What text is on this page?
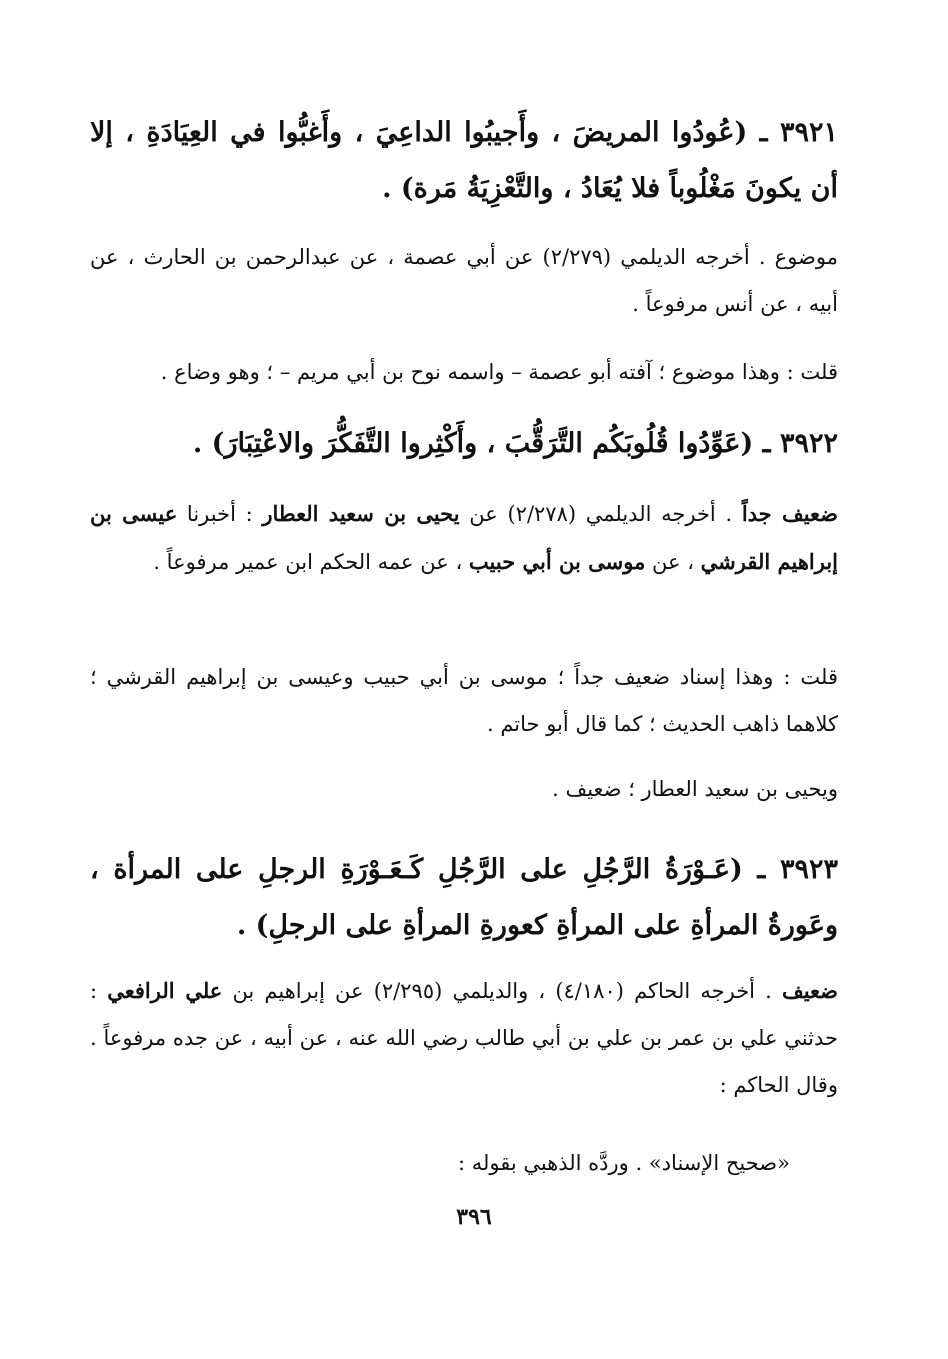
٣٩٢١ ـ (عُودُوا المريضَ ، وأَجيبُوا الداعِيَ ، وأَغبُّوا في العِيَادَةِ ، إلا أن يكونَ مَغْلُوباً فلا يُعَادُ ، والتَّعْزِيَةُ مَرة) .

موضوع . أخرجه الديلمي (٢/٢٧٩) عن أبي عصمة ، عن عبدالرحمن بن الحارث ، عن أبيه ، عن أنس مرفوعاً .

قلت : وهذا موضوع ؛ آفته أبو عصمة – واسمه نوح بن أبي مريم – ؛ وهو وضاع .

٣٩٢٢ ـ (عَوِّدُوا قُلُوبَكُم التَّرَقُّبَ ، وأَكْثِروا التَّفَكُّرَ والاعْتِبَارَ) .

ضعيف جداً . أخرجه الديلمي (٢/٢٧٨) عن يحيى بن سعيد العطار : أخبرنا عيسى بن إبراهيم القرشي ، عن موسى بن أبي حبيب ، عن عمه الحكم ابن عمير مرفوعاً .

قلت : وهذا إسناد ضعيف جداً ؛ موسى بن أبي حبيب وعيسى بن إبراهيم القرشي ؛ كلاهما ذاهب الحديث ؛ كما قال أبو حاتم .

ويحيى بن سعيد العطار ؛ ضعيف .

٣٩٢٣ ـ (عَـوْرَةُ الرَّجُلِ على الرَّجُلِ كَـعَـوْرَةِ الرجلِ على المرأة ، وعَورةُ المرأةِ على المرأةِ كعورةِ المرأةِ على الرجلِ) .

ضعيف . أخرجه الحاكم (٤/١٨٠) ، والديلمي (٢/٢٩٥) عن إبراهيم بن علي الرافعي : حدثني علي بن عمر بن علي بن أبي طالب رضي الله عنه ، عن أبيه ، عن جده مرفوعاً . وقال الحاكم :

«صحيح الإسناد» . وردَّه الذهبي بقوله :

٣٩٦
